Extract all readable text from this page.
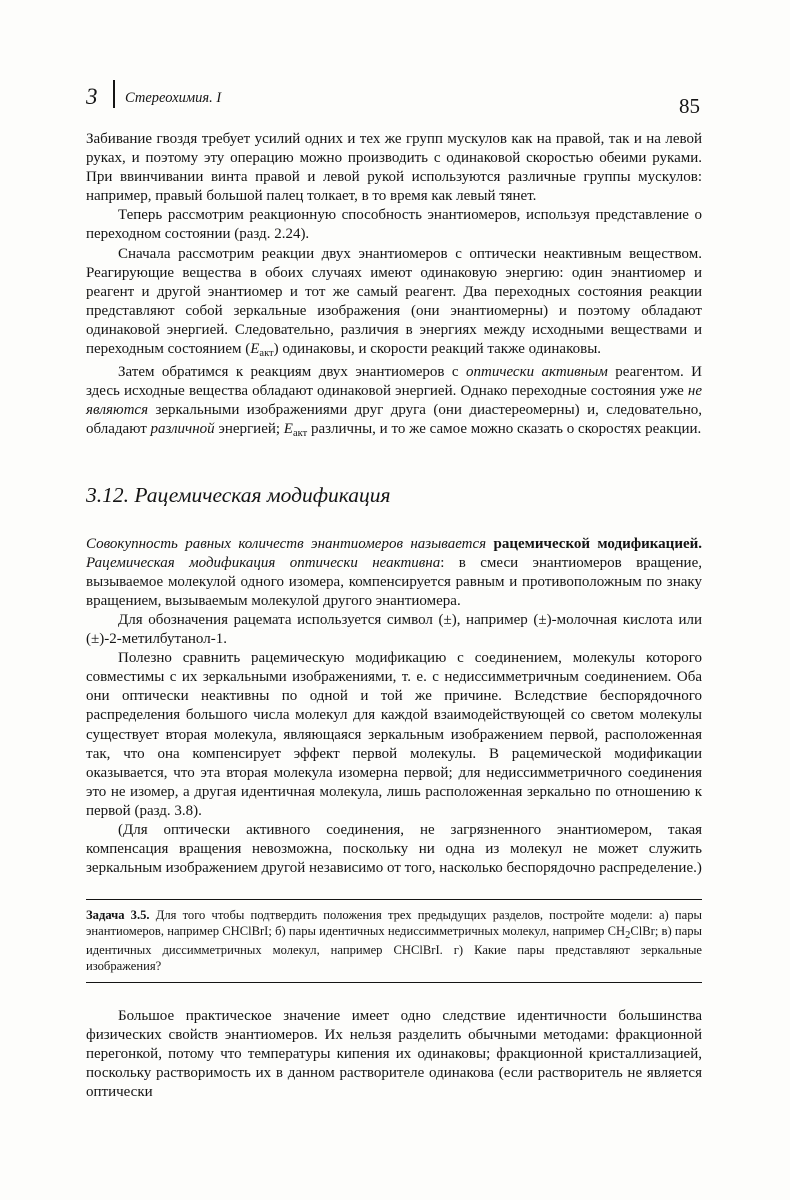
3 Стереохимия. I	85

Забивание гвоздя требует усилий одних и тех же групп мускулов как на правой, так и на левой руках, и поэтому эту операцию можно производить с одинаковой скоростью обеими руками. При ввинчивании винта правой и левой рукой используются различные группы мускулов: например, правый большой палец толкает, в то время как левый тянет.

Теперь рассмотрим реакционную способность энантиомеров, используя представление о переходном состоянии (разд. 2.24).

Сначала рассмотрим реакции двух энантиомеров с оптически неактивным веществом. Реагирующие вещества в обоих случаях имеют одинаковую энергию: один энантиомер и реагент и другой энантиомер и тот же самый реагент. Два переходных состояния реакции представляют собой зеркальные изображения (они энантиомерны) и поэтому обладают одинаковой энергией. Следовательно, различия в энергиях между исходными веществами и переходным состоянием $(E_{акт})$ одинаковы, и скорости реакций также одинаковы.

Затем обратимся к реакциям двух энантиомеров с оптически активным реагентом. И здесь исходные вещества обладают одинаковой энергией. Однако переходные состояния уже не являются зеркальными изображениями друг друга (они диастереомерны) и, следовательно, обладают различной энергией; $E_{акт}$ различны, и то же самое можно сказать о скоростях реакции.

3.12. Рацемическая модификация

Совокупность равных количеств энантиомеров называется рацемической модификацией. Рацемическая модификация оптически неактивна: в смеси энантиомеров вращение, вызываемое молекулой одного изомера, компенсируется равным и противоположным по знаку вращением, вызываемым молекулой другого энантиомера.

Для обозначения рацемата используется символ (±), например (±)-молочная кислота или (±)-2-метилбутанол-1.

Полезно сравнить рацемическую модификацию с соединением, молекулы которого совместимы с их зеркальными изображениями, т. е. с недиссимметричным соединением. Оба они оптически неактивны по одной и той же причине. Вследствие беспорядочного распределения большого числа молекул для каждой взаимодействующей со светом молекулы существует вторая молекула, являющаяся зеркальным изображением первой, расположенная так, что она компенсирует эффект первой молекулы. В рацемической модификации оказывается, что эта вторая молекула изомерна первой; для недиссимметричного соединения это не изомер, а другая идентичная молекула, лишь расположенная зеркально по отношению к первой (разд. 3.8).

(Для оптически активного соединения, не загрязненного энантиомером, такая компенсация вращения невозможна, поскольку ни одна из молекул не может служить зеркальным изображением другой независимо от того, насколько беспорядочно распределение.)

Задача 3.5. Для того чтобы подтвердить положения трех предыдущих разделов, постройте модели: а) пары энантиомеров, например CHClBrI; б) пары идентичных недиссимметричных молекул, например $CH_2ClBr$; в) пары идентичных диссимметричных молекул, например CHClBrI. г) Какие пары представляют зеркальные изображения?

Большое практическое значение имеет одно следствие идентичности большинства физических свойств энантиомеров. Их нельзя разделить обычными методами: фракционной перегонкой, потому что температуры кипения их одинаковы; фракционной кристаллизацией, поскольку растворимость их в данном растворителе одинакова (если растворитель не является оптически
